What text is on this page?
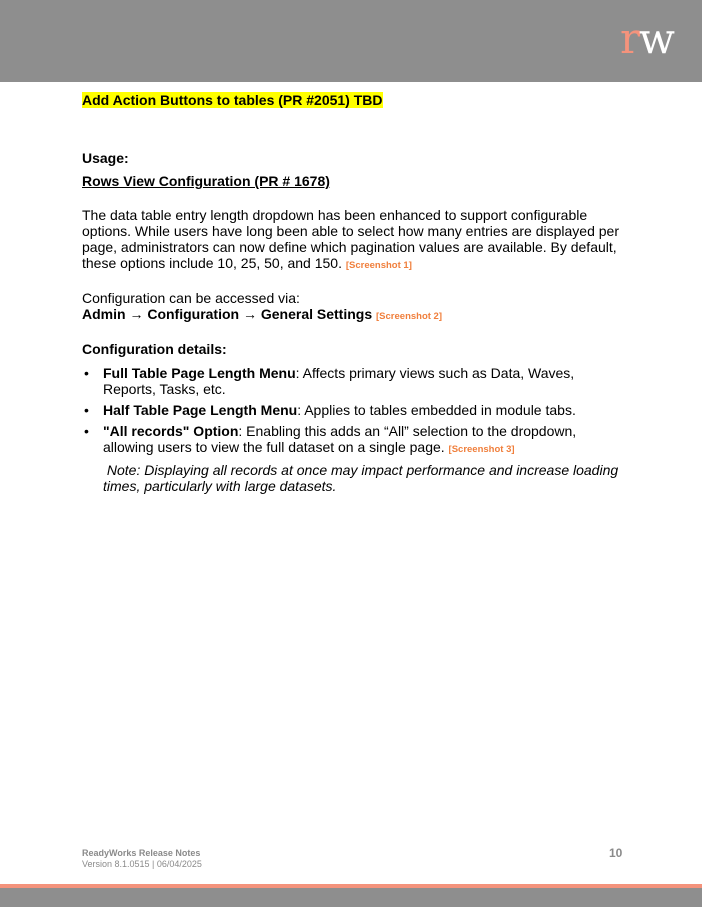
rw

Add Action Buttons to tables (PR #2051) TBD

Usage:

Rows View Configuration (PR # 1678)

The data table entry length dropdown has been enhanced to support configurable options. While users have long been able to select how many entries are displayed per page, administrators can now define which pagination values are available. By default, these options include 10, 25, 50, and 150. [Screenshot 1]

Configuration can be accessed via:

Admin → Configuration → General Settings [Screenshot 2]

Configuration details:

• Full Table Page Length Menu: Affects primary views such as Data, Waves, Reports, Tasks, etc.
• Half Table Page Length Menu: Applies to tables embedded in module tabs.
• "All records" Option: Enabling this adds an “All” selection to the dropdown, allowing users to view the full dataset on a single page. [Screenshot 3]

Note: Displaying all records at once may impact performance and increase loading times, particularly with large datasets.

ReadyWorks Release Notes
Version 8.1.0515 | 06/04/2025
10
